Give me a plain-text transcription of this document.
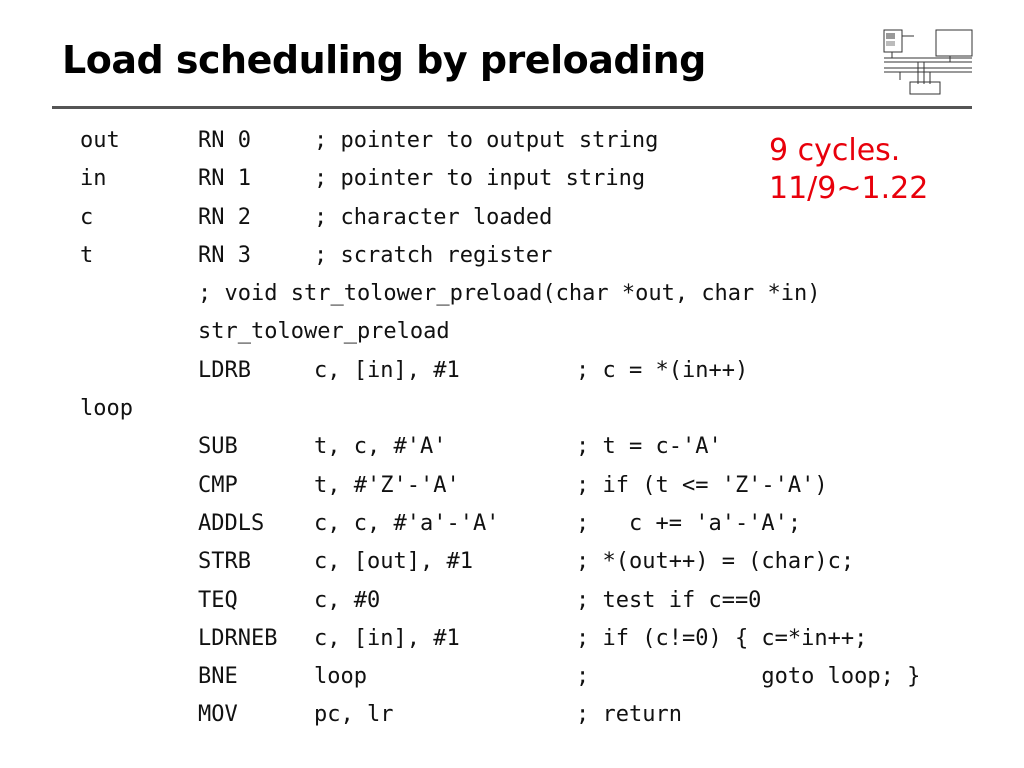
Load scheduling by preloading
out	RN 0	; pointer to output string
in	RN 1	; pointer to input string
c	RN 2	; character loaded
t	RN 3	; scratch register
; void str_tolower_preload(char *out, char *in)
str_tolower_preload
LDRB	c, [in], #1	; c = *(in++)
loop
SUB	t, c, #'A'	; t = c-'A'
CMP	t, #'Z'-'A'	; if (t <= 'Z'-'A')
ADDLS c, c, #'a'-'A'	;   c += 'a'-'A';
STRB	c, [out], #1	; *(out++) = (char)c;
TEQ	c, #0	; test if c==0
LDRNEB c, [in], #1	; if (c!=0) { c=*in++;
BNE	loop	;             goto loop; }
MOV	pc, lr	; return
9 cycles.
11/9~1.22
